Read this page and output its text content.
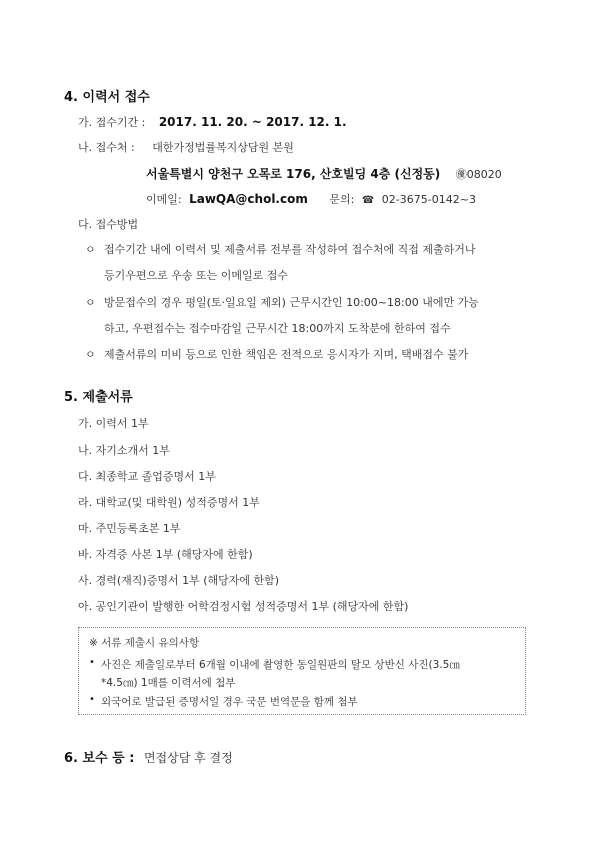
4. 이력서 접수
가. 접수기간 : 2017. 11. 20. ~ 2017. 12. 1.
나. 접수처 : 대한가정법률복지상담원 본원
서울특별시 양천구 오목로 176, 산호빌딩 4층 (신정동) ㊝08020
이메일: LawQA@chol.com 문의: ☎ 02-3675-0142~3
다. 접수방법
ㅇ 접수기간 내에 이력서 및 제출서류 전부를 작성하여 접수처에 직접 제출하거나
등기우편으로 우송 또는 이메일로 접수
ㅇ 방문접수의 경우 평일(토·일요일 제외) 근무시간인 10:00~18:00 내에만 가능
하고, 우편접수는 접수마감일 근무시간 18:00까지 도착분에 한하여 접수
ㅇ 제출서류의 미비 등으로 인한 책임은 전적으로 응시자가 지며, 택배접수 불가
5. 제출서류
가. 이력서 1부
나. 자기소개서 1부
다. 최종학교 졸업증명서 1부
라. 대학교(및 대학원) 성적증명서 1부
마. 주민등록초본 1부
바. 자격증 사본 1부 (해당자에 한함)
사. 경력(재직)증명서 1부 (해당자에 한함)
아. 공인기관이 발행한 어학검정시험 성적증명서 1부 (해당자에 한함)
※ 서류 제출시 유의사항
• 사진은 제출일로부터 6개월 이내에 촬영한 동일원판의 탈모 상반신 사진(3.5㎝
*4.5㎝) 1매를 이력서에 첩부
• 외국어로 발급된 증명서일 경우 국문 번역문을 함께 첨부
6. 보수 등 : 면접상담 후 결정
